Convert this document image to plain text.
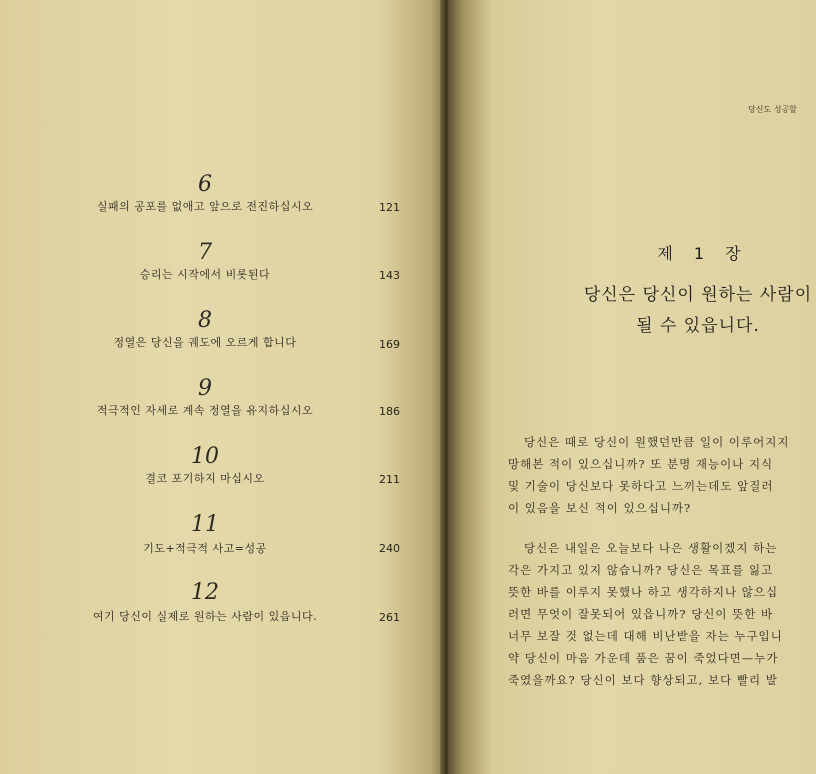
6
실패의 공포를 없애고 앞으로 전진하십시오	121
7
승리는 시작에서 비롯된다	143
8
정열은 당신을 궤도에 오르게 합니다	169
9
적극적인 자세로 계속 정열을 유지하십시오	186
10
결코 포기하지 마십시오	211
11
기도+적극적 사고=성공	240
12
여기 당신이 실제로 원하는 사람이 있읍니다.	261
당신도 성공할
제 1 장
당신은 당신이 원하는 사람이
될 수 있읍니다.
당신은 때로 당신이 원했던만큼 일이 이루어지지
망해본 적이 있으십니까? 또 분명 재능이나 지식
및 기술이 당신보다 못하다고 느끼는데도 앞질러
이 있음을 보신 적이 있으십니까?
당신은 내일은 오늘보다 나은 생활이겠지 하는
각은 가지고 있지 않습니까? 당신은 목표를 잃고
뜻한 바를 이루지 못했나 하고 생각하지나 않으십
러면 무엇이 잘못되어 있읍니까? 당신이 뜻한 바
너무 보잘 것 없는데 대해 비난받을 자는 누구입니
약 당신이 마음 가운데 품은 꿈이 죽었다면—누가
죽였을까요? 당신이 보다 향상되고, 보다 빨리 발
